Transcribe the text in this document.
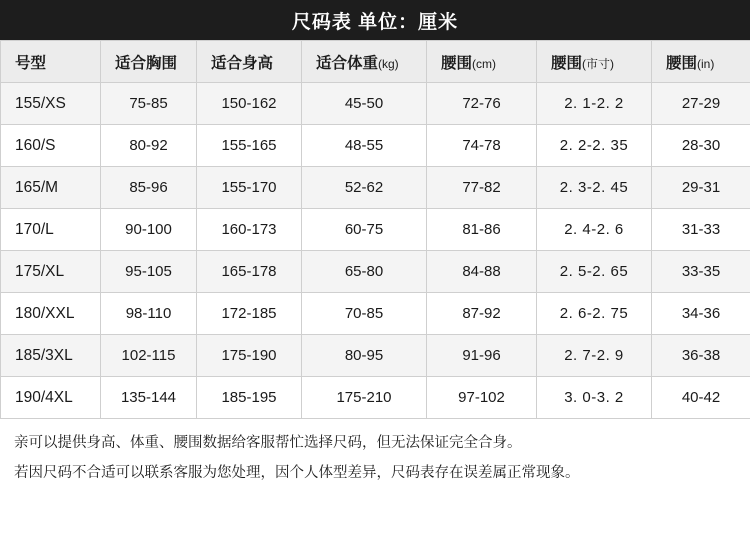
尺码表 单位：厘米
号型	适合胸围	适合身高	适合体重(kg)	腰围(cm)	腰围(市寸)	腰围(in)
155/XS	75-85	150-162	45-50	72-76	2. 1-2. 2	27-29
160/S	80-92	155-165	48-55	74-78	2. 2-2. 35	28-30
165/M	85-96	155-170	52-62	77-82	2. 3-2. 45	29-31
170/L	90-100	160-173	60-75	81-86	2. 4-2. 6	31-33
175/XL	95-105	165-178	65-80	84-88	2. 5-2. 65	33-35
180/XXL	98-110	172-185	70-85	87-92	2. 6-2. 75	34-36
185/3XL	102-115	175-190	80-95	91-96	2. 7-2. 9	36-38
190/4XL	135-144	185-195	175-210	97-102	3. 0-3. 2	40-42

亲可以提供身高、体重、腰围数据给客服帮忙选择尺码，但无法保证完全合身。

若因尺码不合适可以联系客服为您处理，因个人体型差异，尺码表存在误差属正常现象。
